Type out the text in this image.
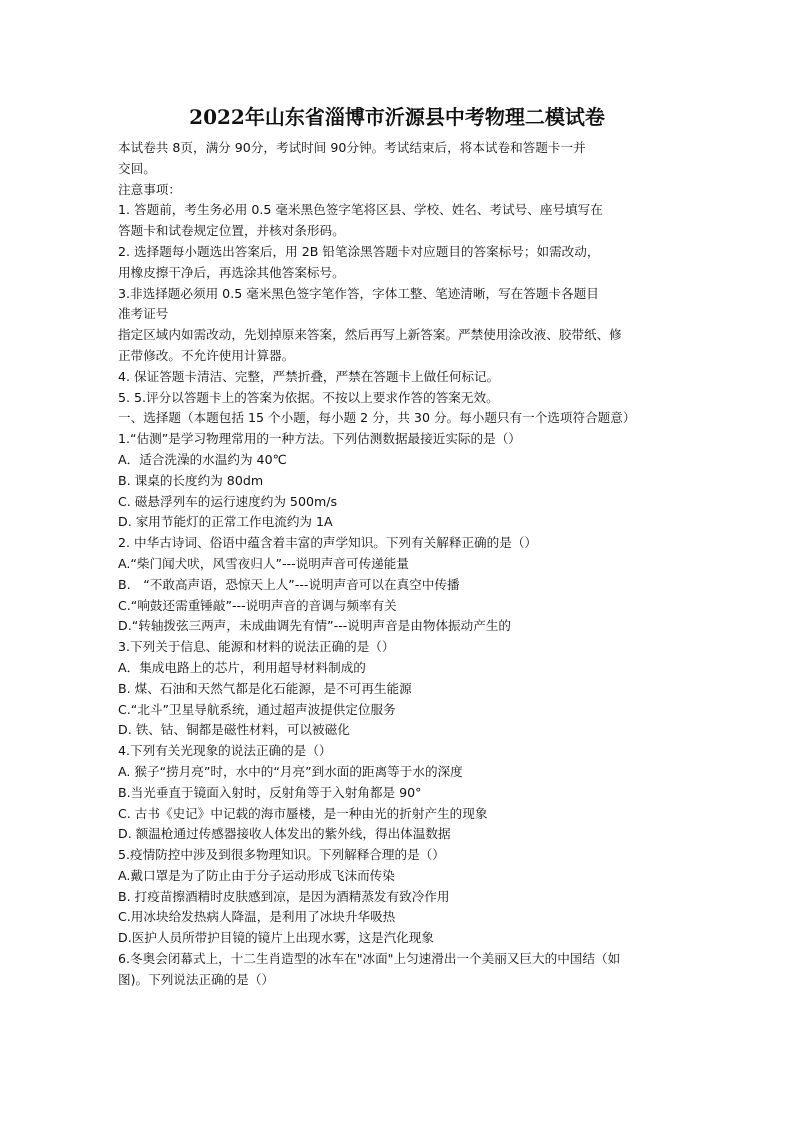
2022年山东省淄博市沂源县中考物理二模试卷
本试卷共 8页，满分 90分，考试时间 90分钟。考试结束后，将本试卷和答题卡一并
交回。
注意事项：
1. 答题前，考生务必用 0.5 毫米黑色签字笔将区县、学校、姓名、考试号、座号填写在
答题卡和试卷规定位置，并核对条形码。
2. 选择题每小题选出答案后，用 2B 铅笔涂黑答题卡对应题目的答案标号；如需改动，
用橡皮擦干净后，再选涂其他答案标号。
3.非选择题必须用 0.5 毫米黑色签字笔作答，字体工整、笔迹清晰，写在答题卡各题目
准考证号
指定区域内如需改动，先划掉原来答案，然后再写上新答案。严禁使用涂改液、胶带纸、修
正带修改。不允许使用计算器。
4. 保证答题卡清洁、完整，严禁折叠，严禁在答题卡上做任何标记。
5. 5.评分以答题卡上的答案为依据。不按以上要求作答的答案无效。
一、选择题（本题包括 15 个小题，每小题 2 分，共 30 分。每小题只有一个选项符合题意）
1.“估测”是学习物理常用的一种方法。下列估测数据最接近实际的是（）
A．适合洗澡的水温约为 40℃
B. 课桌的长度约为 80dm
C. 磁悬浮列车的运行速度约为 500m/s
D. 家用节能灯的正常工作电流约为 1A
2. 中华古诗词、俗语中蕴含着丰富的声学知识。下列有关解释正确的是（）
A.“柴门闻犬吠，风雪夜归人”---说明声音可传递能量
B.　“不敢高声语，恐惊天上人”---说明声音可以在真空中传播
C.“响鼓还需重锤敲”---说明声音的音调与频率有关
D.“转轴拨弦三两声，未成曲调先有情”---说明声音是由物体振动产生的
3.下列关于信息、能源和材料的说法正确的是（）
A．集成电路上的芯片，利用超导材料制成的
B. 煤、石油和天然气都是化石能源，是不可再生能源
C.“北斗”卫星导航系统，通过超声波提供定位服务
D. 铁、钴、铜都是磁性材料，可以被磁化
4.下列有关光现象的说法正确的是（）
A. 猴子“捞月亮”时，水中的“月亮”到水面的距离等于水的深度
B.当光垂直于镜面入射时，反射角等于入射角都是 90°
C. 古书《史记》中记载的海市蜃楼，是一种由光的折射产生的现象
D. 额温枪通过传感器接收人体发出的紫外线，得出体温数据
5.疫情防控中涉及到很多物理知识。下列解释合理的是（）
A.戴口罩是为了防止由于分子运动形成飞沫而传染
B. 打疫苗擦酒精时皮肤感到凉，是因为酒精蒸发有致冷作用
C.用冰块给发热病人降温，是利用了冰块升华吸热
D.医护人员所带护目镜的镜片上出现水雾，这是汽化现象
6.冬奥会闭幕式上，十二生肖造型的冰车在"冰面"上匀速滑出一个美丽又巨大的中国结（如
图)。下列说法正确的是（）
